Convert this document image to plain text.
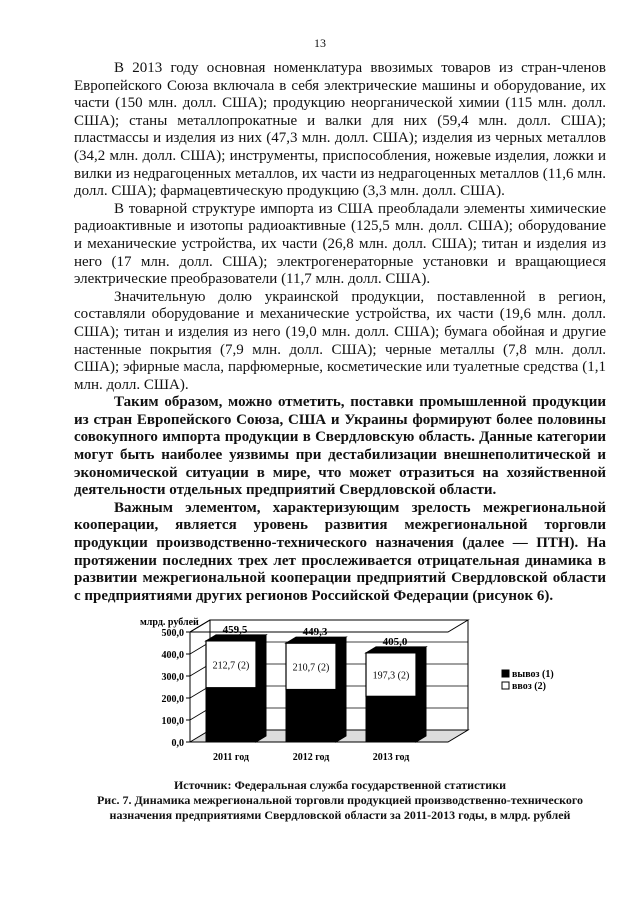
13

В 2013 году основная номенклатура ввозимых товаров из стран-членов Европейского Союза включала в себя электрические машины и оборудование, их части (150 млн. долл. США); продукцию неорганической химии (115 млн. долл. США); станы металлопрокатные и валки для них (59,4 млн. долл. США); пластмассы и изделия из них (47,3 млн. долл. США); изделия из черных металлов (34,2 млн. долл. США); инструменты, приспособления, ножевые изделия, ложки и вилки из недрагоценных металлов, их части из недрагоценных металлов (11,6 млн. долл. США); фармацевтическую продукцию (3,3 млн. долл. США).

В товарной структуре импорта из США преобладали элементы химические радиоактивные и изотопы радиоактивные (125,5 млн. долл. США); оборудование и механические устройства, их части (26,8 млн. долл. США); титан и изделия из него (17 млн. долл. США); электрогенераторные установки и вращающиеся электрические преобразователи (11,7 млн. долл. США).

Значительную долю украинской продукции, поставленной в регион, составляли оборудование и механические устройства, их части (19,6 млн. долл. США); титан и изделия из него (19,0 млн. долл. США); бумага обойная и другие настенные покрытия (7,9 млн. долл. США); черные металлы (7,8 млн. долл. США); эфирные масла, парфюмерные, косметические или туалетные средства (1,1 млн. долл. США).

Таким образом, можно отметить, поставки промышленной продукции из стран Европейского Союза, США и Украины формируют более половины совокупного импорта продукции в Свердловскую область. Данные категории могут быть наиболее уязвимы при дестабилизации внешнеполитической и экономической ситуации в мире, что может отразиться на хозяйственной деятельности отдельных предприятий Свердловской области.

Важным элементом, характеризующим зрелость межрегиональной кооперации, является уровень развития межрегиональной торговли продукции производственно-технического назначения (далее — ПТН). На протяжении последних трех лет прослеживается отрицательная динамика в развитии межрегиональной кооперации предприятий Свердловской области с предприятиями других регионов Российской Федерации (рисунок 6).

млрд. рублей
0,0
100,0
200,0
300,0
400,0
500,0
212,7 (2)
459,5
210,7 (2)
449,3
197,3 (2)
405,0
2011 год	2012 год	2013 год
вывоз (1)
ввоз (2)
Источник: Федеральная служба государственной статистики
Рис. 7. Динамика межрегиональной торговли продукцией производственно-технического назначения предприятиями Свердловской области за 2011-2013 годы, в млрд. рублей
